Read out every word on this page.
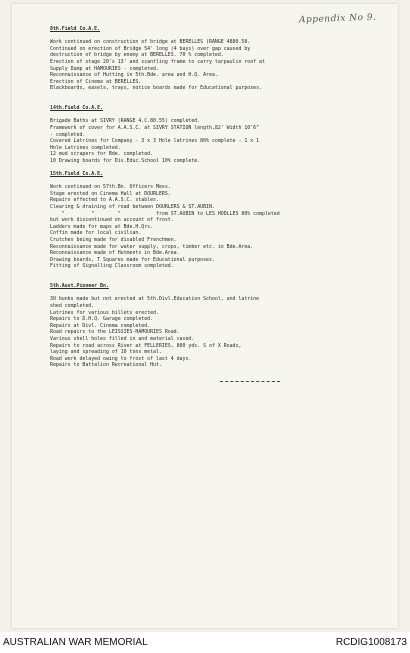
Appendix No 9.
8th.Field Co.A.E.
Work continued on construction of bridge at BERELLES (RANGE 4880.58.
Continued on erection of Bridge 54' long (4 bays) over gap caused by
destruction of bridge by enemy at BERELLES. 70 % completed.
Erection of stage 20'x 13' and scantling frame to carry tarpaulin roof at
Supply Dump at HAMOURIES - completed.
Reconnaissance of Hutting in 5th.Bde. area and H.Q. Area.
Erection of Cinema at BERELLES.
Blackboards, easels, trays, notice boards made for Educational purposes.
14th.Field Co.A.E.
Brigade Baths at SIVRY (RANGE 4.C.80.55) completed.
Framework of cover for A.A.S.C. at SIVRY STATION length,82' Width 10'6"
- completed.
Covered Latrines for Company - 3 x 3 Hole latrines 80% complete - 1 x 1
Hole Latrines completed.
12 mud scrapers for Bde. completed.
10 Drawing boards for Div.Educ.School 10% complete.
15th.Field Co.A.E.
Work continued on 57th.Bn. Officers Mess.
Stage erected on Cinema Hall at DOURLERS.
Repairs effected to A.A.S.C. stables.
Clearing & draining of road between DOURLERS & ST.AUBIN.
"         "        "            from ST.AUBIN to LES HODLLES 80% completed
but work discontinued on account of frost.
Ladders made for maps at Bde.H.Qrs.
Coffin made for local civilian.
Crutches being made for disabled Frenchmen.
Reconnaissance made for water supply, crops, timber etc. in Bde.Area.
Reconnaissance made of Hutments in Bde.Area.
Drawing boards, T Squares made for Educational purposes.
Fitting of Signalling Classroom completed.
5th.Aust.Pioneer Bn.
30 bunks made but not erected at 5th.Divl.Education School, and latrine
shed completed.
Latrines for various billets erected.
Repairs to D.H.Q. Garage completed.
Repairs at Divl. Cinema completed.
Road repairs to the LEISSIES-HAMOURIES Road.
Various shell holes filled in and material cased.
Repairs to road across River at FELLERIES, 800 yds. S of X Roads,
laying and spreading of 10 tons metal.
Road work delayed owing to frost of last 4 days.
Repairs to Battalion Recreational Hut.
AUSTRALIAN WAR MEMORIAL	RCDIG1008173
